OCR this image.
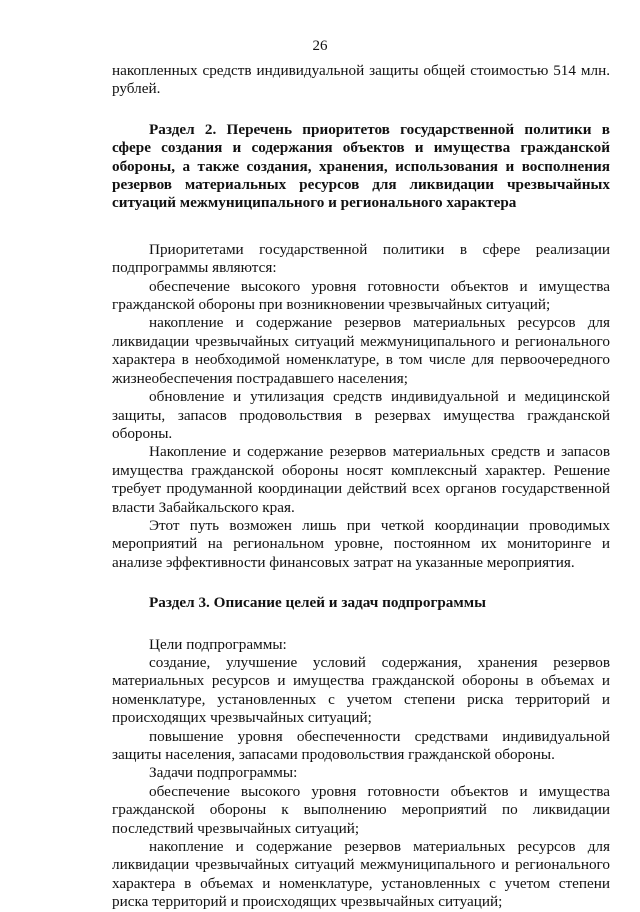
26

накопленных средств индивидуальной защиты общей стоимостью 514 млн. рублей.

Раздел 2. Перечень приоритетов государственной политики в сфере создания и содержания объектов и имущества гражданской обороны, а также создания, хранения, использования и восполнения резервов материальных ресурсов для ликвидации чрезвычайных ситуаций межмуниципального и регионального характера

Приоритетами государственной политики в сфере реализации подпрограммы являются:

обеспечение высокого уровня готовности объектов и имущества гражданской обороны при возникновении чрезвычайных ситуаций;

накопление и содержание резервов материальных ресурсов для ликвидации чрезвычайных ситуаций межмуниципального и регионального характера в необходимой номенклатуре, в том числе для первоочередного жизнеобеспечения пострадавшего населения;

обновление и утилизация средств индивидуальной и медицинской защиты, запасов продовольствия в резервах имущества гражданской обороны.

Накопление и содержание резервов материальных средств и запасов имущества гражданской обороны носят комплексный характер. Решение требует продуманной координации действий всех органов государственной власти Забайкальского края.

Этот путь возможен лишь при четкой координации проводимых мероприятий на региональном уровне, постоянном их мониторинге и анализе эффективности финансовых затрат на указанные мероприятия.

Раздел 3. Описание целей и задач подпрограммы

Цели подпрограммы:

создание, улучшение условий содержания, хранения резервов материальных ресурсов и имущества гражданской обороны в объемах и номенклатуре, установленных с учетом степени риска территорий и происходящих чрезвычайных ситуаций;

повышение уровня обеспеченности средствами индивидуальной защиты населения, запасами продовольствия гражданской обороны.

Задачи подпрограммы:

обеспечение высокого уровня готовности объектов и имущества гражданской обороны к выполнению мероприятий по ликвидации последствий чрезвычайных ситуаций;

накопление и содержание резервов материальных ресурсов для ликвидации чрезвычайных ситуаций межмуниципального и регионального характера в объемах и номенклатуре, установленных с учетом степени риска территорий и происходящих чрезвычайных ситуаций;
